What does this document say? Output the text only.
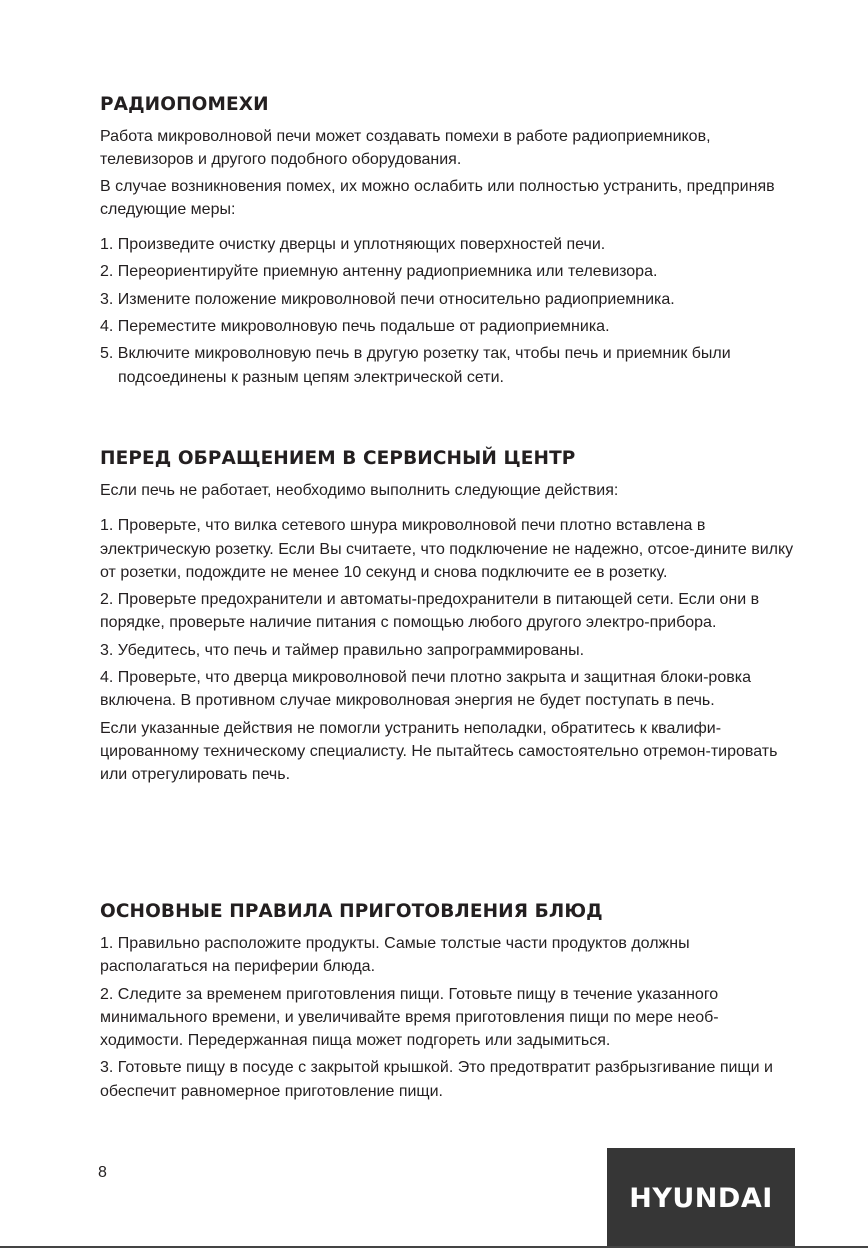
РАДИОПОМЕХИ

Работа микроволновой печи может создавать помехи в работе радиоприемников, телевизоров и другого подобного оборудования.

В случае возникновения помех, их можно ослабить или полностью устранить, предприняв следующие меры:

1. Произведите очистку дверцы и уплотняющих поверхностей печи.

2. Переориентируйте приемную антенну радиоприемника или телевизора.

3. Измените положение микроволновой печи относительно радиоприемника.

4. Переместите микроволновую печь подальше от радиоприемника.

5. Включите микроволновую печь в другую розетку так, чтобы печь и приемник были подсоединены к разным цепям электрической сети.

ПЕРЕД ОБРАЩЕНИЕМ В СЕРВИСНЫЙ ЦЕНТР

Если печь не работает, необходимо выполнить следующие действия:

1. Проверьте, что вилка сетевого шнура микроволновой печи плотно вставлена в электрическую розетку. Если Вы считаете, что подключение не надежно, отсое-дините вилку от розетки, подождите не менее 10 секунд и снова подключите ее в розетку.

2. Проверьте предохранители и автоматы-предохранители в питающей сети. Если они в порядке, проверьте наличие питания с помощью любого другого электро-прибора.

3. Убедитесь, что печь и таймер правильно запрограммированы.

4. Проверьте, что дверца микроволновой печи плотно закрыта и защитная блоки-ровка включена. В противном случае микроволновая энергия не будет поступать в печь.

Если указанные действия не помогли устранить неполадки, обратитесь к квалифи-цированному техническому специалисту. Не пытайтесь самостоятельно отремон-тировать или отрегулировать печь.

ОСНОВНЫЕ ПРАВИЛА ПРИГОТОВЛЕНИЯ БЛЮД

1. Правильно расположите продукты. Самые толстые части продуктов должны располагаться на периферии блюда.

2. Следите за временем приготовления пищи. Готовьте пищу в течение указанного минимального времени, и увеличивайте время приготовления пищи по мере необ-ходимости. Передержанная пища может подгореть или задымиться.

3. Готовьте пищу в посуде с закрытой крышкой. Это предотвратит разбрызгивание пищи и обеспечит равномерное приготовление пищи.

8
HYUNDAI
